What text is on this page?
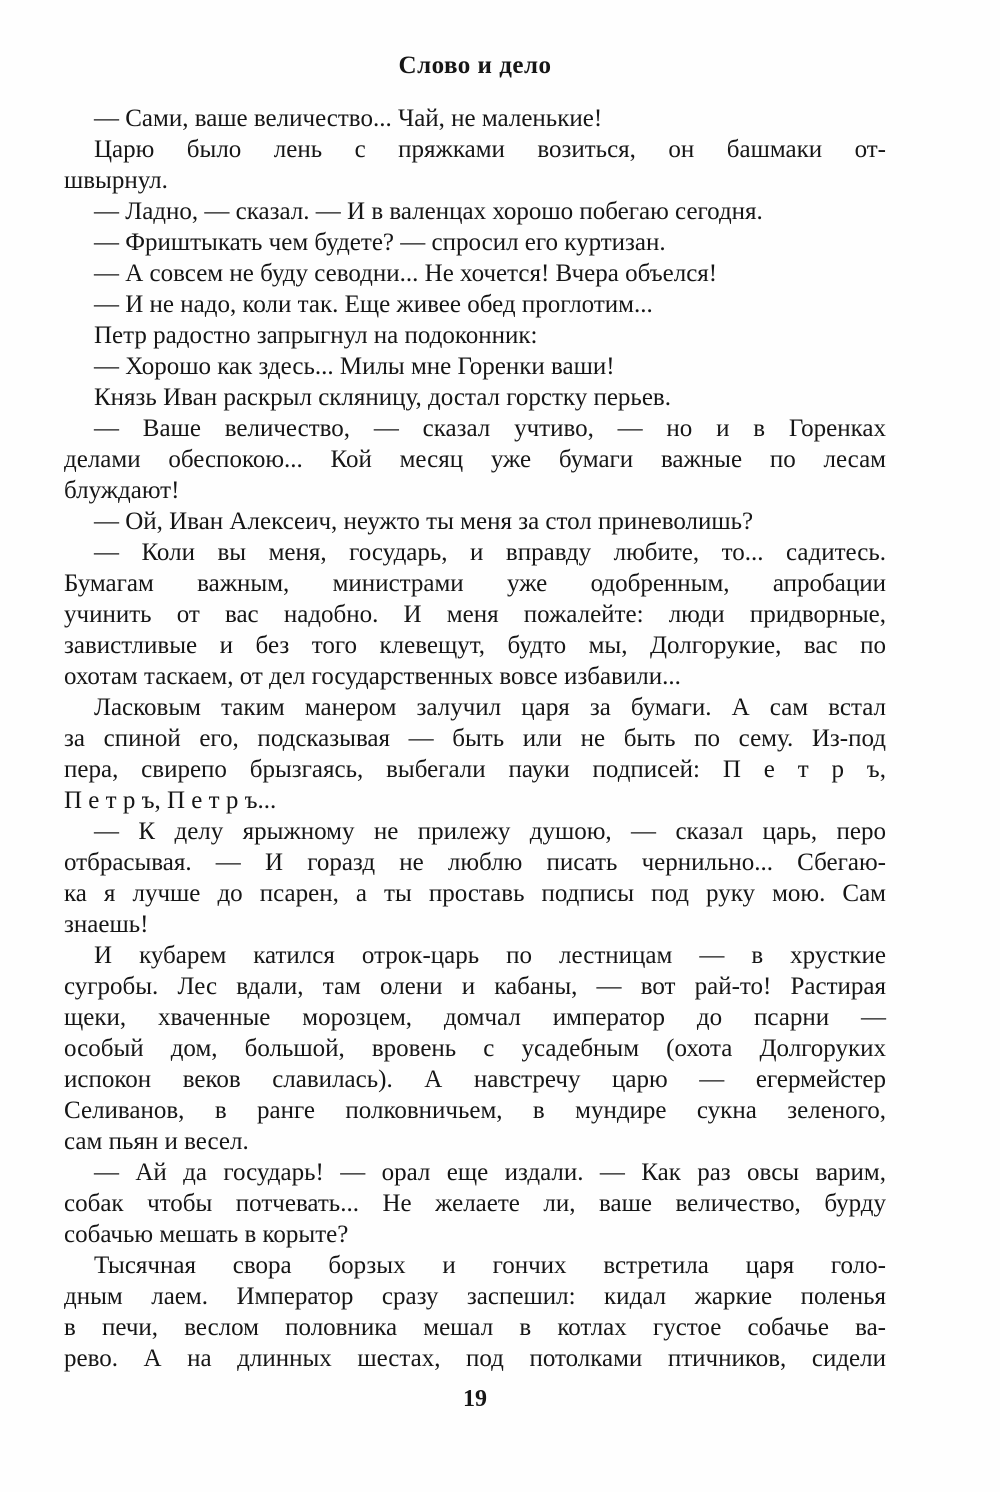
Слово и дело
— Сами, ваше величество... Чай, не маленькие!
Царю было лень с пряжками возиться, он башмаки от-
швырнул.
— Ладно, — сказал. — И в валенцах хорошо побегаю сегодня.
— Фриштыкать чем будете? — спросил его куртизан.
— А совсем не буду севодни... Не хочется! Вчера объелся!
— И не надо, коли так. Еще живее обед проглотим...
Петр радостно запрыгнул на подоконник:
— Хорошо как здесь... Милы мне Горенки ваши!
Князь Иван раскрыл скляницу, достал горстку перьев.
— Ваше величество, — сказал учтиво, — но и в Горенках
делами обеспокою... Кой месяц уже бумаги важные по лесам
блуждают!
— Ой, Иван Алексеич, неужто ты меня за стол приневолишь?
— Коли вы меня, государь, и вправду любите, то... садитесь.
Бумагам важным, министрами уже одобренным, апробации
учинить от вас надобно. И меня пожалейте: люди придворные,
завистливые и без того клевещут, будто мы, Долгорукие, вас по
охотам таскаем, от дел государственных вовсе избавили...
Ласковым таким манером залучил царя за бумаги. А сам встал
за спиной его, подсказывая — быть или не быть по сему. Из-под
пера, свирепо брызгаясь, выбегали пауки подписей: П е т р ъ,
П е т р ъ, П е т р ъ...
— К делу ярыжному не прилежу душою, — сказал царь, перо
отбрасывая. — И горазд не люблю писать чернильно... Сбегаю-
ка я лучше до псарен, а ты проставь подписы под руку мою. Сам
знаешь!
И кубарем катился отрок-царь по лестницам — в хрусткие
сугробы. Лес вдали, там олени и кабаны, — вот рай-то! Растирая
щеки, хваченные морозцем, домчал император до псарни —
особый дом, большой, вровень с усадебным (охота Долгоруких
испокон веков славилась). А навстречу царю — егермейстер
Селиванов, в ранге полковничьем, в мундире сукна зеленого,
сам пьян и весел.
— Ай да государь! — орал еще издали. — Как раз овсы варим,
собак чтобы потчевать... Не желаете ли, ваше величество, бурду
собачью мешать в корыте?
Тысячная свора борзых и гончих встретила царя голо-
дным лаем. Император сразу заспешил: кидал жаркие поленья
в печи, веслом половника мешал в котлах густое собачье ва-
рево. А на длинных шестах, под потолками птичников, сидели
19
